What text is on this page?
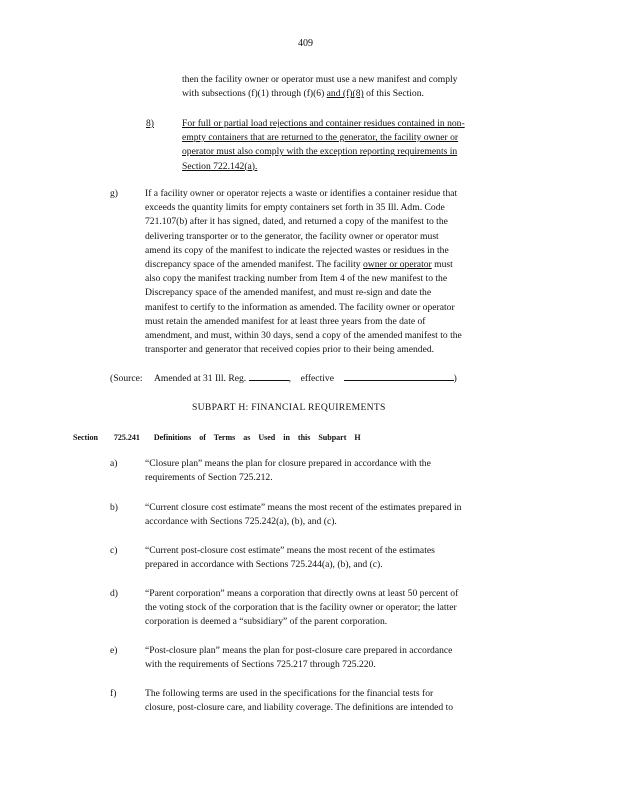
409
then the facility owner or operator must use a new manifest and comply
with subsections (f)(1) through (f)(6) and (f)(8) of this Section.
8)	For full or partial load rejections and container residues contained in non-
empty containers that are returned to the generator, the facility owner or
operator must also comply with the exception reporting requirements in
Section 722.142(a).
g)	If a facility owner or operator rejects a waste or identifies a container residue that
exceeds the quantity limits for empty containers set forth in 35 Ill. Adm. Code
721.107(b) after it has signed, dated, and returned a copy of the manifest to the
delivering transporter or to the generator, the facility owner or operator must
amend its copy of the manifest to indicate the rejected wastes or residues in the
discrepancy space of the amended manifest. The facility owner or operator must
also copy the manifest tracking number from Item 4 of the new manifest to the
Discrepancy space of the amended manifest, and must re-sign and date the
manifest to certify to the information as amended. The facility owner or operator
must retain the amended manifest for at least three years from the date of
amendment, and must, within 30 days, send a copy of the amended manifest to the
transporter and generator that received copies prior to their being amended.
(Source: Amended at 31 Ill. Reg.	, effective	)
SUBPART H: FINANCIAL REQUIREMENTS
Section 725.241 Definitions of Terms as Used in this Subpart H
a)	“Closure plan” means the plan for closure prepared in accordance with the
requirements of Section 725.212.
b)	“Current closure cost estimate” means the most recent of the estimates prepared in
accordance with Sections 725.242(a), (b), and (c).
c)	“Current post-closure cost estimate” means the most recent of the estimates
prepared in accordance with Sections 725.244(a), (b), and (c).
d)	“Parent corporation” means a corporation that directly owns at least 50 percent of
the voting stock of the corporation that is the facility owner or operator; the latter
corporation is deemed a “subsidiary” of the parent corporation.
e)	“Post-closure plan” means the plan for post-closure care prepared in accordance
with the requirements of Sections 725.217 through 725.220.
f)	The following terms are used in the specifications for the financial tests for
closure, post-closure care, and liability coverage. The definitions are intended to
